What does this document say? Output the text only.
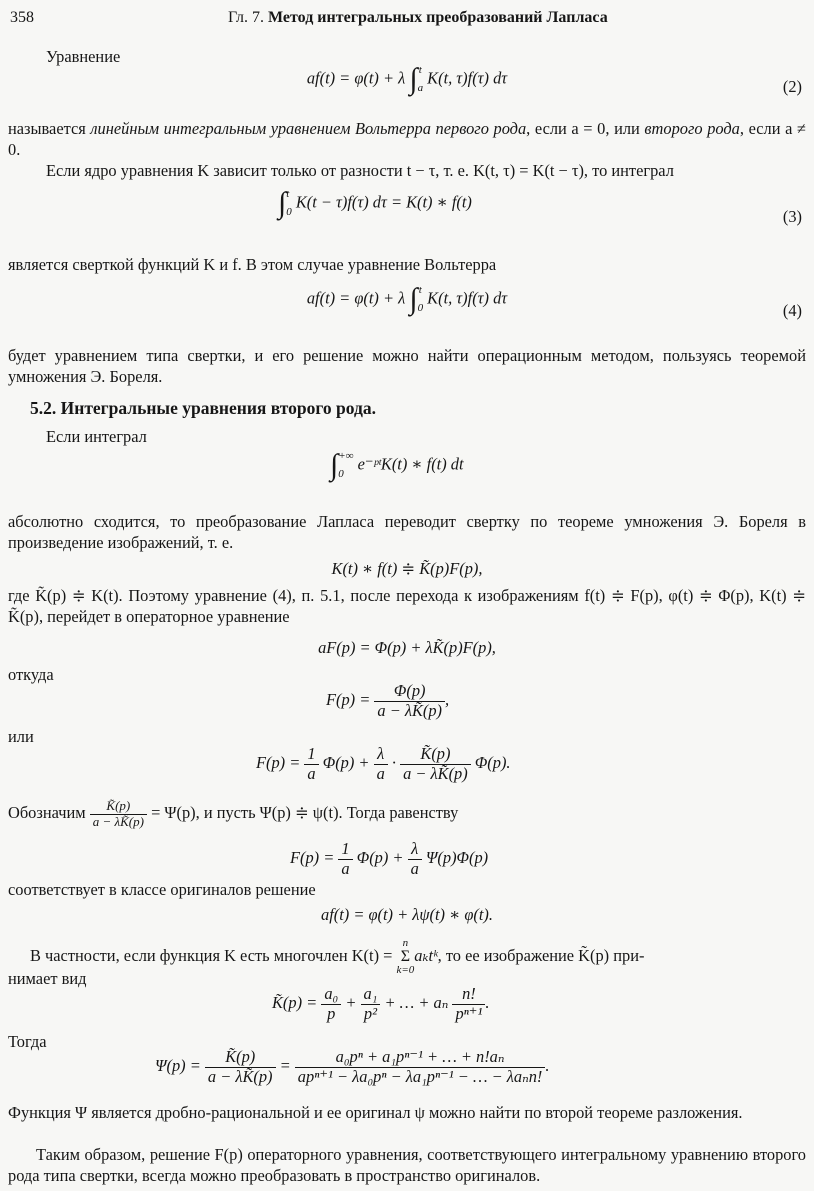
358	Гл. 7. Метод интегральных преобразований Лапласа
Уравнение
af(t) = φ(t) + λ ∫ t
a
K(t, τ)f(τ) dτ	(2)
называется линейным интегральным уравнением Вольтерра первого рода, если a = 0, или второго рода, если a ≠ 0.
Если ядро уравнения K зависит только от разности t − τ, т. е. K(t, τ) = K(t − τ), то интеграл
∫ t
0
K(t − τ)f(τ) dτ = K(t) ∗ f(t)
(3)
является сверткой функций K и f. В этом случае уравнение Вольтерра
af(t) = φ(t) + λ ∫ t
0
K(t, τ)f(τ) dτ
(4)
будет уравнением типа свертки, и его решение можно найти операционным методом, пользуясь теоремой умножения Э. Бореля.
5.2. Интегральные уравнения второго рода.
Если интеграл
∫ +∞
0
e⁻ᵖᵗK(t) ∗ f(t) dt
абсолютно сходится, то преобразование Лапласа переводит свертку по теореме умножения Э. Бореля в произведение изображений, т. е.
K(t) ∗ f(t) ≑ K̃(p)F(p),
где K̃(p) ≑ K(t). Поэтому уравнение (4), п. 5.1, после перехода к изображениям f(t) ≑ F(p), φ(t) ≑ Φ(p), K(t) ≑ K̃(p), перейдет в операторное уравнение
aF(p) = Φ(p) + λK̃(p)F(p),
откуда
$F(p) = \frac{\Phi(p)}{a - \lambda K̃(p)}$ ,
или
$F(p) = \frac{1}{a} \Phi(p) + \frac{\lambda}{a} \cdot \frac{K̃(p)}{a - \lambda K̃(p)} \Phi(p)$.
Обозначим $\frac{K̃(p)}{a - \lambda K̃(p)} = \Psi(p)$, и пусть Ψ(p) ≑ ψ(t). Тогда равенству
$F(p) = \frac{1}{a} \Phi(p) + \frac{\lambda}{a} \Psi(p)\Phi(p)$
соответствует в классе оригиналов решение
af(t) = φ(t) + λψ(t) ∗ φ(t).
В частности, если функция K есть многочлен K(t) =
n
Σ
k=0
aₖtᵏ, то ее изображение K̃(p) при-
нимает вид
K̃(p) = $\frac{\text{a₀}}{p} + \frac{\text{a₁}}{\text{p²}}$ + … + aₙ $\frac{n!}{\text{pⁿ⁺¹}}$ .
Тогда
$\Psi(p) = \frac{K̃(p)}{a - \lambda K̃(p)} = \frac{\text{a₀pⁿ + a₁pⁿ⁻¹ + … + n!aₙ}}{\text{apⁿ⁺¹ − λa₀pⁿ − λa₁pⁿ⁻¹ − … − λaₙn!}}$ .
Функция Ψ является дробно-рациональной и ее оригинал ψ можно найти по второй теореме разложения.
Таким образом, решение F(p) операторного уравнения, соответствующего интегральному уравнению второго рода типа свертки, всегда можно преобразовать в пространство оригиналов.
